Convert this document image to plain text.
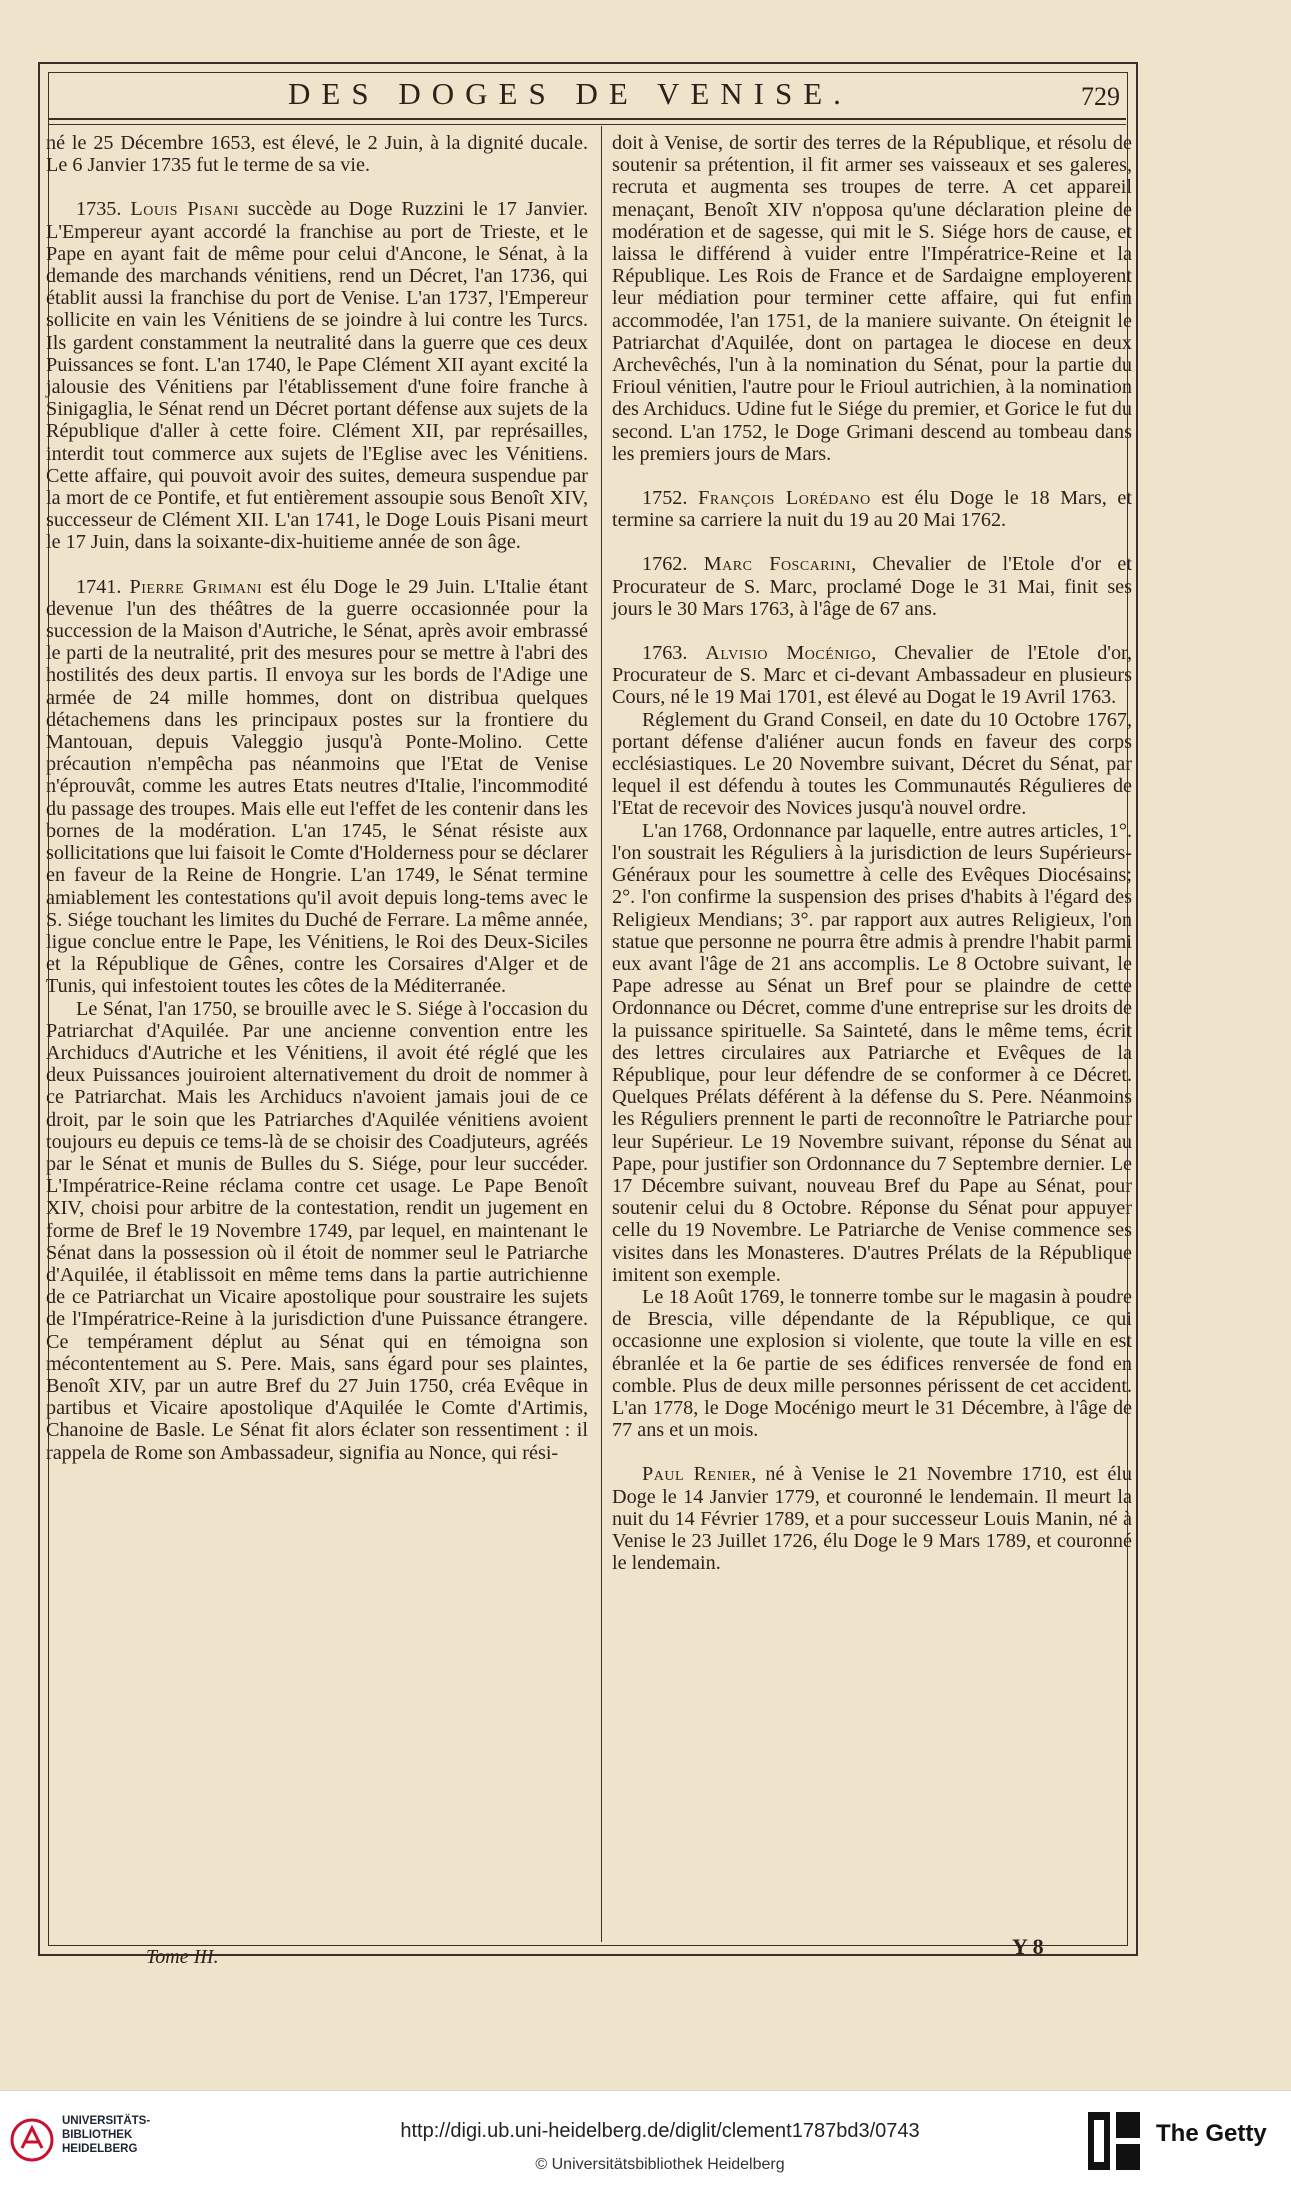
DES DOGES DE VENISE.	729

né le 25 Décembre 1653, est élevé, le 2 Juin, à la dignité ducale. Le 6 Janvier 1735 fut le terme de sa vie.

1735. Louis Pisani succède au Doge Ruzzini le 17 Janvier. L'Empereur ayant accordé la franchise au port de Trieste, et le Pape en ayant fait de même pour celui d'Ancone, le Sénat, à la demande des marchands vénitiens, rend un Décret, l'an 1736, qui établit aussi la franchise du port de Venise. L'an 1737, l'Empereur sollicite en vain les Vénitiens de se joindre à lui contre les Turcs. Ils gardent constamment la neutralité dans la guerre que ces deux Puissances se font. L'an 1740, le Pape Clément XII ayant excité la jalousie des Vénitiens par l'établissement d'une foire franche à Sinigaglia, le Sénat rend un Décret portant défense aux sujets de la République d'aller à cette foire. Clément XII, par représailles, interdit tout commerce aux sujets de l'Eglise avec les Vénitiens. Cette affaire, qui pouvoit avoir des suites, demeura suspendue par la mort de ce Pontife, et fut entièrement assoupie sous Benoît XIV, successeur de Clément XII. L'an 1741, le Doge Louis Pisani meurt le 17 Juin, dans la soixante-dix-huitieme année de son âge.

1741. Pierre Grimani est élu Doge le 29 Juin. L'Italie étant devenue l'un des théâtres de la guerre occasionnée pour la succession de la Maison d'Autriche, le Sénat, après avoir embrassé le parti de la neutralité, prit des mesures pour se mettre à l'abri des hostilités des deux partis. Il envoya sur les bords de l'Adige une armée de 24 mille hommes, dont on distribua quelques détachemens dans les principaux postes sur la frontiere du Mantouan, depuis Valeggio jusqu'à Ponte-Molino. Cette précaution n'empêcha pas néanmoins que l'Etat de Venise n'éprouvât, comme les autres Etats neutres d'Italie, l'incommodité du passage des troupes. Mais elle eut l'effet de les contenir dans les bornes de la modération. L'an 1745, le Sénat résiste aux sollicitations que lui faisoit le Comte d'Holderness pour se déclarer en faveur de la Reine de Hongrie. L'an 1749, le Sénat termine amiablement les contestations qu'il avoit depuis long-tems avec le S. Siége touchant les limites du Duché de Ferrare. La même année, ligue conclue entre le Pape, les Vénitiens, le Roi des Deux-Siciles et la République de Gênes, contre les Corsaires d'Alger et de Tunis, qui infestoient toutes les côtes de la Méditerranée.

Le Sénat, l'an 1750, se brouille avec le S. Siége à l'occasion du Patriarchat d'Aquilée. Par une ancienne convention entre les Archiducs d'Autriche et les Vénitiens, il avoit été réglé que les deux Puissances jouiroient alternativement du droit de nommer à ce Patriarchat. Mais les Archiducs n'avoient jamais joui de ce droit, par le soin que les Patriarches d'Aquilée vénitiens avoient toujours eu depuis ce tems-là de se choisir des Coadjuteurs, agréés par le Sénat et munis de Bulles du S. Siége, pour leur succéder. L'Impératrice-Reine réclama contre cet usage. Le Pape Benoît XIV, choisi pour arbitre de la contestation, rendit un jugement en forme de Bref le 19 Novembre 1749, par lequel, en maintenant le Sénat dans la possession où il étoit de nommer seul le Patriarche d'Aquilée, il établissoit en même tems dans la partie autrichienne de ce Patriarchat un Vicaire apostolique pour soustraire les sujets de l'Impératrice-Reine à la jurisdiction d'une Puissance étrangere. Ce tempérament déplut au Sénat qui en témoigna son mécontentement au S. Pere. Mais, sans égard pour ses plaintes, Benoît XIV, par un autre Bref du 27 Juin 1750, créa Evêque in partibus et Vicaire apostolique d'Aquilée le Comte d'Artimis, Chanoine de Basle. Le Sénat fit alors éclater son ressentiment : il rappela de Rome son Ambassadeur, signifia au Nonce, qui rési-

doit à Venise, de sortir des terres de la République, et résolu de soutenir sa prétention, il fit armer ses vaisseaux et ses galeres, recruta et augmenta ses troupes de terre. A cet appareil menaçant, Benoît XIV n'opposa qu'une déclaration pleine de modération et de sagesse, qui mit le S. Siége hors de cause, et laissa le différend à vuider entre l'Impératrice-Reine et la République. Les Rois de France et de Sardaigne employerent leur médiation pour terminer cette affaire, qui fut enfin accommodée, l'an 1751, de la maniere suivante. On éteignit le Patriarchat d'Aquilée, dont on partagea le diocese en deux Archevêchés, l'un à la nomination du Sénat, pour la partie du Frioul vénitien, l'autre pour le Frioul autrichien, à la nomination des Archiducs. Udine fut le Siége du premier, et Gorice le fut du second. L'an 1752, le Doge Grimani descend au tombeau dans les premiers jours de Mars.

1752. François Lorédano est élu Doge le 18 Mars, et termine sa carriere la nuit du 19 au 20 Mai 1762.

1762. Marc Foscarini, Chevalier de l'Etole d'or et Procurateur de S. Marc, proclamé Doge le 31 Mai, finit ses jours le 30 Mars 1763, à l'âge de 67 ans.

1763. Alvisio Mocénigo, Chevalier de l'Etole d'or, Procurateur de S. Marc et ci-devant Ambassadeur en plusieurs Cours, né le 19 Mai 1701, est élevé au Dogat le 19 Avril 1763.

Réglement du Grand Conseil, en date du 10 Octobre 1767, portant défense d'aliéner aucun fonds en faveur des corps ecclésiastiques. Le 20 Novembre suivant, Décret du Sénat, par lequel il est défendu à toutes les Communautés Régulieres de l'Etat de recevoir des Novices jusqu'à nouvel ordre.

L'an 1768, Ordonnance par laquelle, entre autres articles, 1°. l'on soustrait les Réguliers à la jurisdiction de leurs Supérieurs-Généraux pour les soumettre à celle des Evêques Diocésains; 2°. l'on confirme la suspension des prises d'habits à l'égard des Religieux Mendians; 3°. par rapport aux autres Religieux, l'on statue que personne ne pourra être admis à prendre l'habit parmi eux avant l'âge de 21 ans accomplis. Le 8 Octobre suivant, le Pape adresse au Sénat un Bref pour se plaindre de cette Ordonnance ou Décret, comme d'une entreprise sur les droits de la puissance spirituelle. Sa Sainteté, dans le même tems, écrit des lettres circulaires aux Patriarche et Evêques de la République, pour leur défendre de se conformer à ce Décret. Quelques Prélats déférent à la défense du S. Pere. Néanmoins les Réguliers prennent le parti de reconnoître le Patriarche pour leur Supérieur. Le 19 Novembre suivant, réponse du Sénat au Pape, pour justifier son Ordonnance du 7 Septembre dernier. Le 17 Décembre suivant, nouveau Bref du Pape au Sénat, pour soutenir celui du 8 Octobre. Réponse du Sénat pour appuyer celle du 19 Novembre. Le Patriarche de Venise commence ses visites dans les Monasteres. D'autres Prélats de la République imitent son exemple.

Le 18 Août 1769, le tonnerre tombe sur le magasin à poudre de Brescia, ville dépendante de la République, ce qui occasionne une explosion si violente, que toute la ville en est ébranlée et la 6e partie de ses édifices renversée de fond en comble. Plus de deux mille personnes périssent de cet accident. L'an 1778, le Doge Mocénigo meurt le 31 Décembre, à l'âge de 77 ans et un mois.

Paul Renier, né à Venise le 21 Novembre 1710, est élu Doge le 14 Janvier 1779, et couronné le lendemain. Il meurt la nuit du 14 Février 1789, et a pour successeur Louis Manin, né à Venise le 23 Juillet 1726, élu Doge le 9 Mars 1789, et couronné le lendemain.

Tome III.	Y 8
UNIVERSITÄTS-
BIBLIOTHEK
HEIDELBERG
http://digi.ub.uni-heidelberg.de/diglit/clement1787bd3/0743
© Universitätsbibliothek Heidelberg
The Getty
